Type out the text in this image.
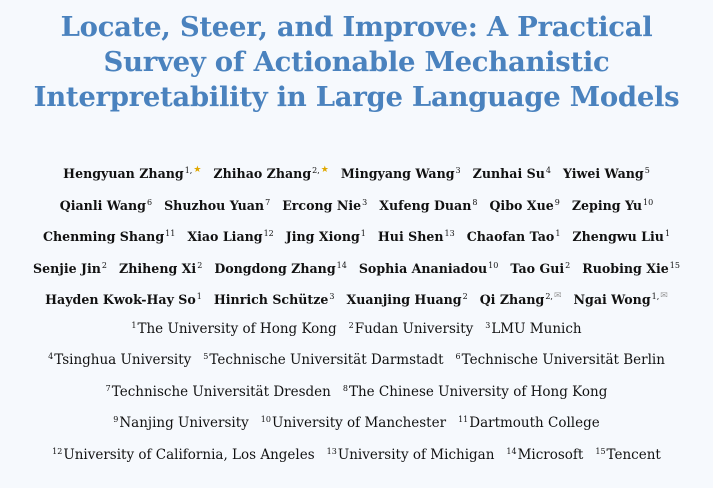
Locate, Steer, and Improve: A Practical
Survey of Actionable Mechanistic
Interpretability in Large Language Models
Hengyuan Zhang$^{1,}$ ★ Zhihao Zhang$^{2,}$ ★ Mingyang Wang$^3$ Zunhai Su$^4$ Yiwei Wang$^5$
Qianli Wang$^6$ Shuzhou Yuan$^7$ Ercong Nie$^3$ Xufeng Duan$^8$ Qibo Xue$^9$ Zeping Yu$^{10}$
Chenming Shang$^{11}$ Xiao Liang$^{12}$ Jing Xiong$^1$ Hui Shen$^{13}$ Chaofan Tao$^1$ Zhengwu Liu$^1$
Senjie Jin$^2$ Zhiheng Xi$^2$ Dongdong Zhang$^{14}$ Sophia Ananiadou$^{10}$ Tao Gui$^2$ Ruobing Xie$^{15}$
Hayden Kwok-Hay So$^1$ Hinrich Schütze$^3$ Xuanjing Huang$^2$ Qi Zhang$^{2,}$ ✉ Ngai Wong$^{1,}$ ✉
$^1$ The University of Hong Kong $^2$ Fudan University $^3$ LMU Munich
$^4$ Tsinghua University $^5$ Technische Universität Darmstadt $^6$ Technische Universität Berlin
$^7$ Technische Universität Dresden $^8$ The Chinese University of Hong Kong
$^9$ Nanjing University $^{10}$ University of Manchester $^{11}$ Dartmouth College
$^{12}$ University of California, Los Angeles $^{13}$ University of Michigan $^{14}$ Microsoft $^{15}$ Tencent
